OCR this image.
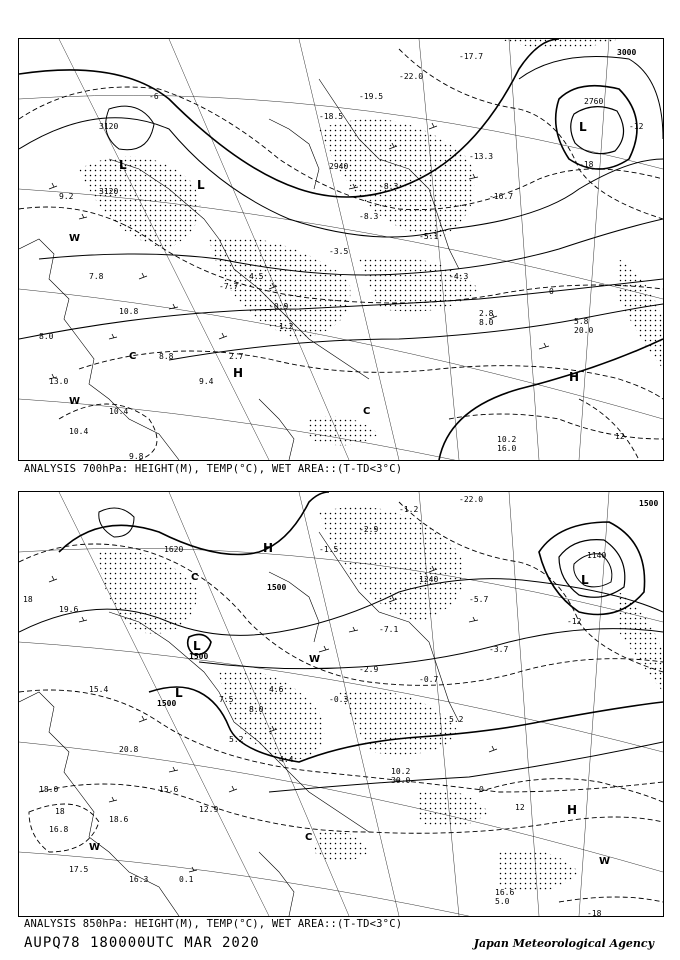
9.2
7.8
10.8
8.8
9.4
2.7
1.2
-3.5
-8.3
-8.3
-5.1
-4.3
-13.3
-16.7
-18.5
-19.5
-22.0
-17.7
4.5
-0.9
-7.7
8.0
13.0
10.4
10.4
9.8
3000
3120
2940
2760
3120
-6
-12
0
-18
12
L
L
L
H	H
W
W
C
C
5.8
20.0
10.2
16.0
8.0
2.8
ANALYSIS 700hPa: HEIGHT(M), TEMP(°C), WET AREA::(T-TD<3°C)
19.6
15.4
20.8
15.6
12.9
5.2
4.4
-0.3
-2.9
-7.1
-0.7
5.2
-5.7
-3.7
-1.5
-2.9
-1.2
-22.0
8.0
4.6
7.5
18.0
16.8
17.5
18.6
16.3	0.1
1500
1500
1500
1620
1140
1500
1240
18
18
-12
12
-18
0
L
L
L
H
H
W
W
C
C
W
10.2
30.0
16.6
5.0
ANALYSIS 850hPa: HEIGHT(M), TEMP(°C), WET AREA::(T-TD<3°C)
AUPQ78 180000UTC MAR 2020	Japan Meteorological Agency
